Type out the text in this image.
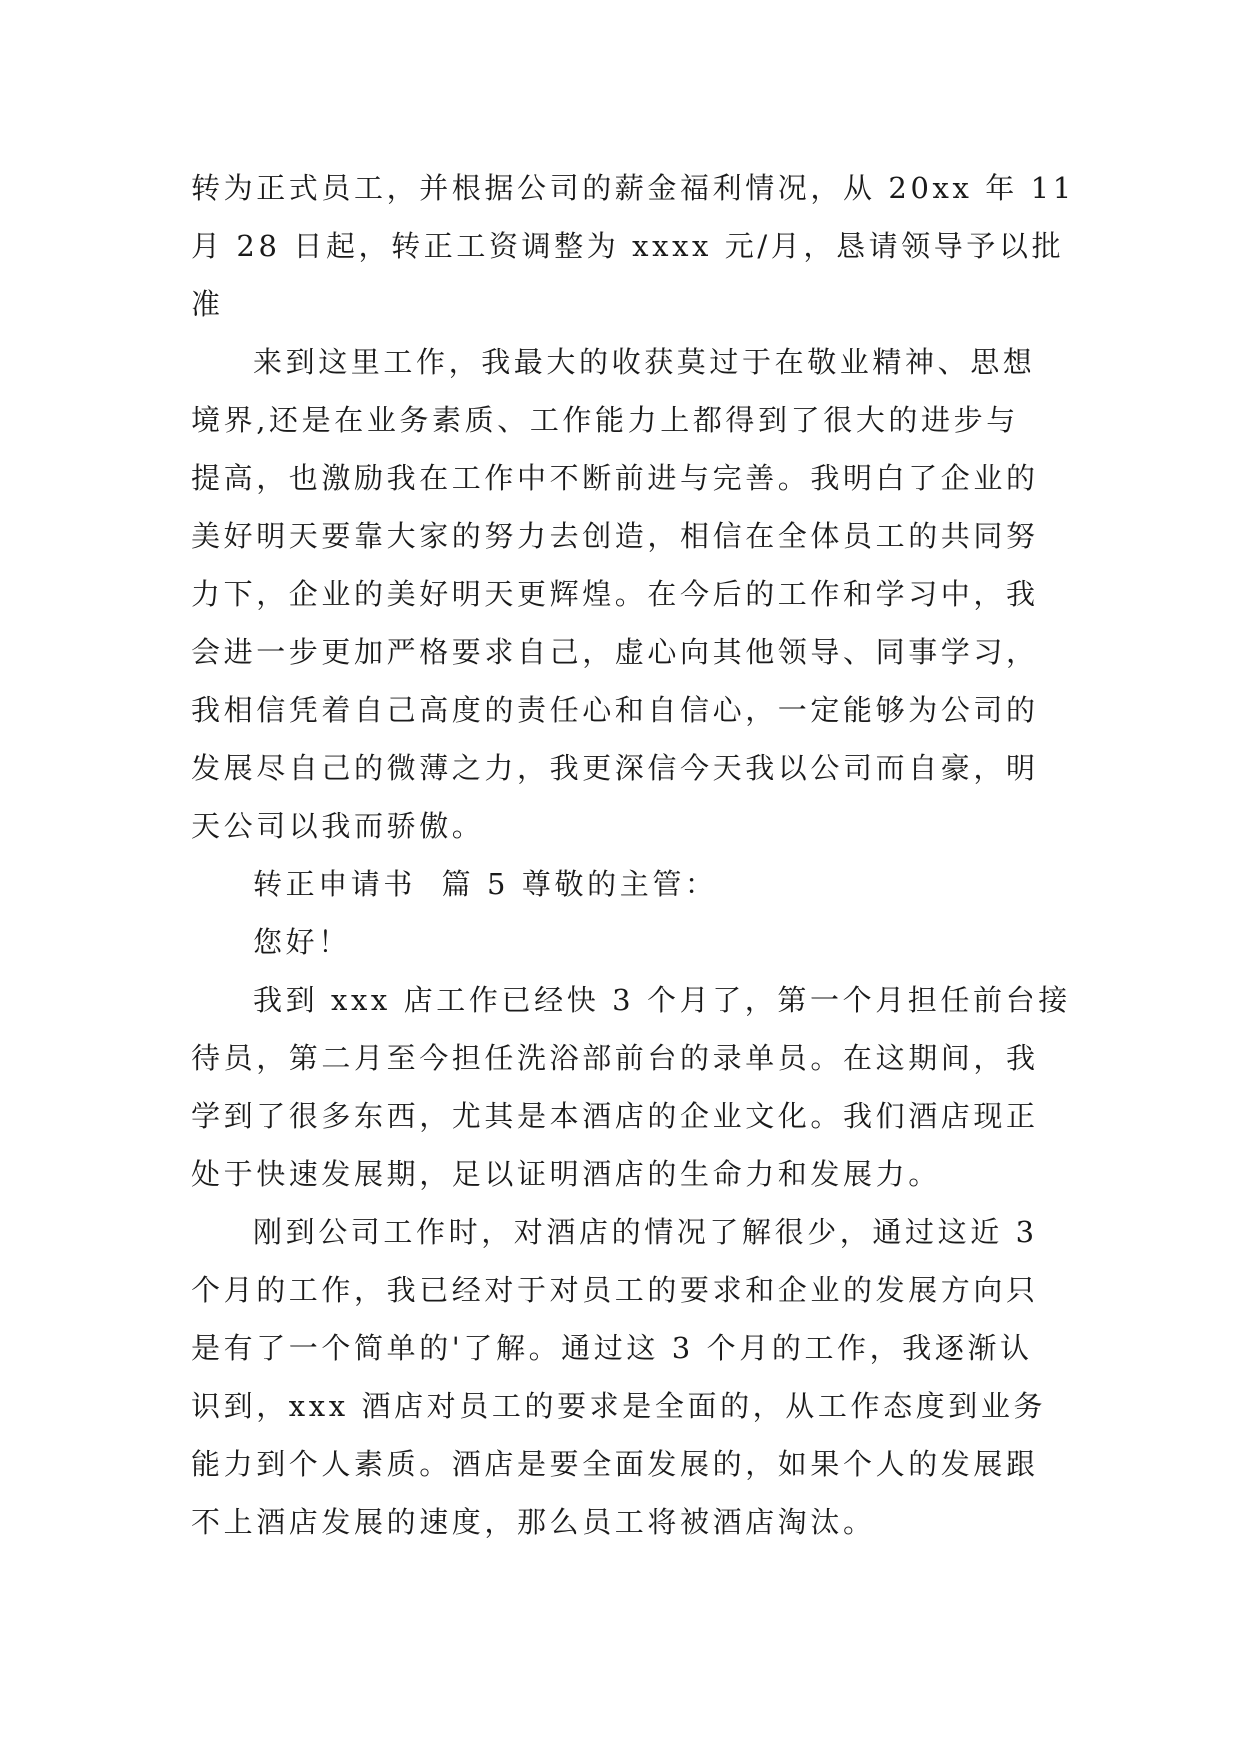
转为正式员工，并根据公司的薪金福利情况，从 20xx 年 11
月 28 日起，转正工资调整为 xxxx 元/月，恳请领导予以批
准
来到这里工作，我最大的收获莫过于在敬业精神、思想
境界,还是在业务素质、工作能力上都得到了很大的进步与
提高，也激励我在工作中不断前进与完善。我明白了企业的
美好明天要靠大家的努力去创造，相信在全体员工的共同努
力下，企业的美好明天更辉煌。在今后的工作和学习中，我
会进一步更加严格要求自己，虚心向其他领导、同事学习，
我相信凭着自己高度的责任心和自信心，一定能够为公司的
发展尽自己的微薄之力，我更深信今天我以公司而自豪，明
天公司以我而骄傲。
转正申请书  篇 5 尊敬的主管：
您好！
我到 xxx 店工作已经快 3 个月了，第一个月担任前台接
待员，第二月至今担任洗浴部前台的录单员。在这期间，我
学到了很多东西，尤其是本酒店的企业文化。我们酒店现正
处于快速发展期，足以证明酒店的生命力和发展力。
刚到公司工作时，对酒店的情况了解很少，通过这近 3
个月的工作，我已经对于对员工的要求和企业的发展方向只
是有了一个简单的'了解。通过这 3 个月的工作，我逐渐认
识到，xxx 酒店对员工的要求是全面的，从工作态度到业务
能力到个人素质。酒店是要全面发展的，如果个人的发展跟
不上酒店发展的速度，那么员工将被酒店淘汰。
